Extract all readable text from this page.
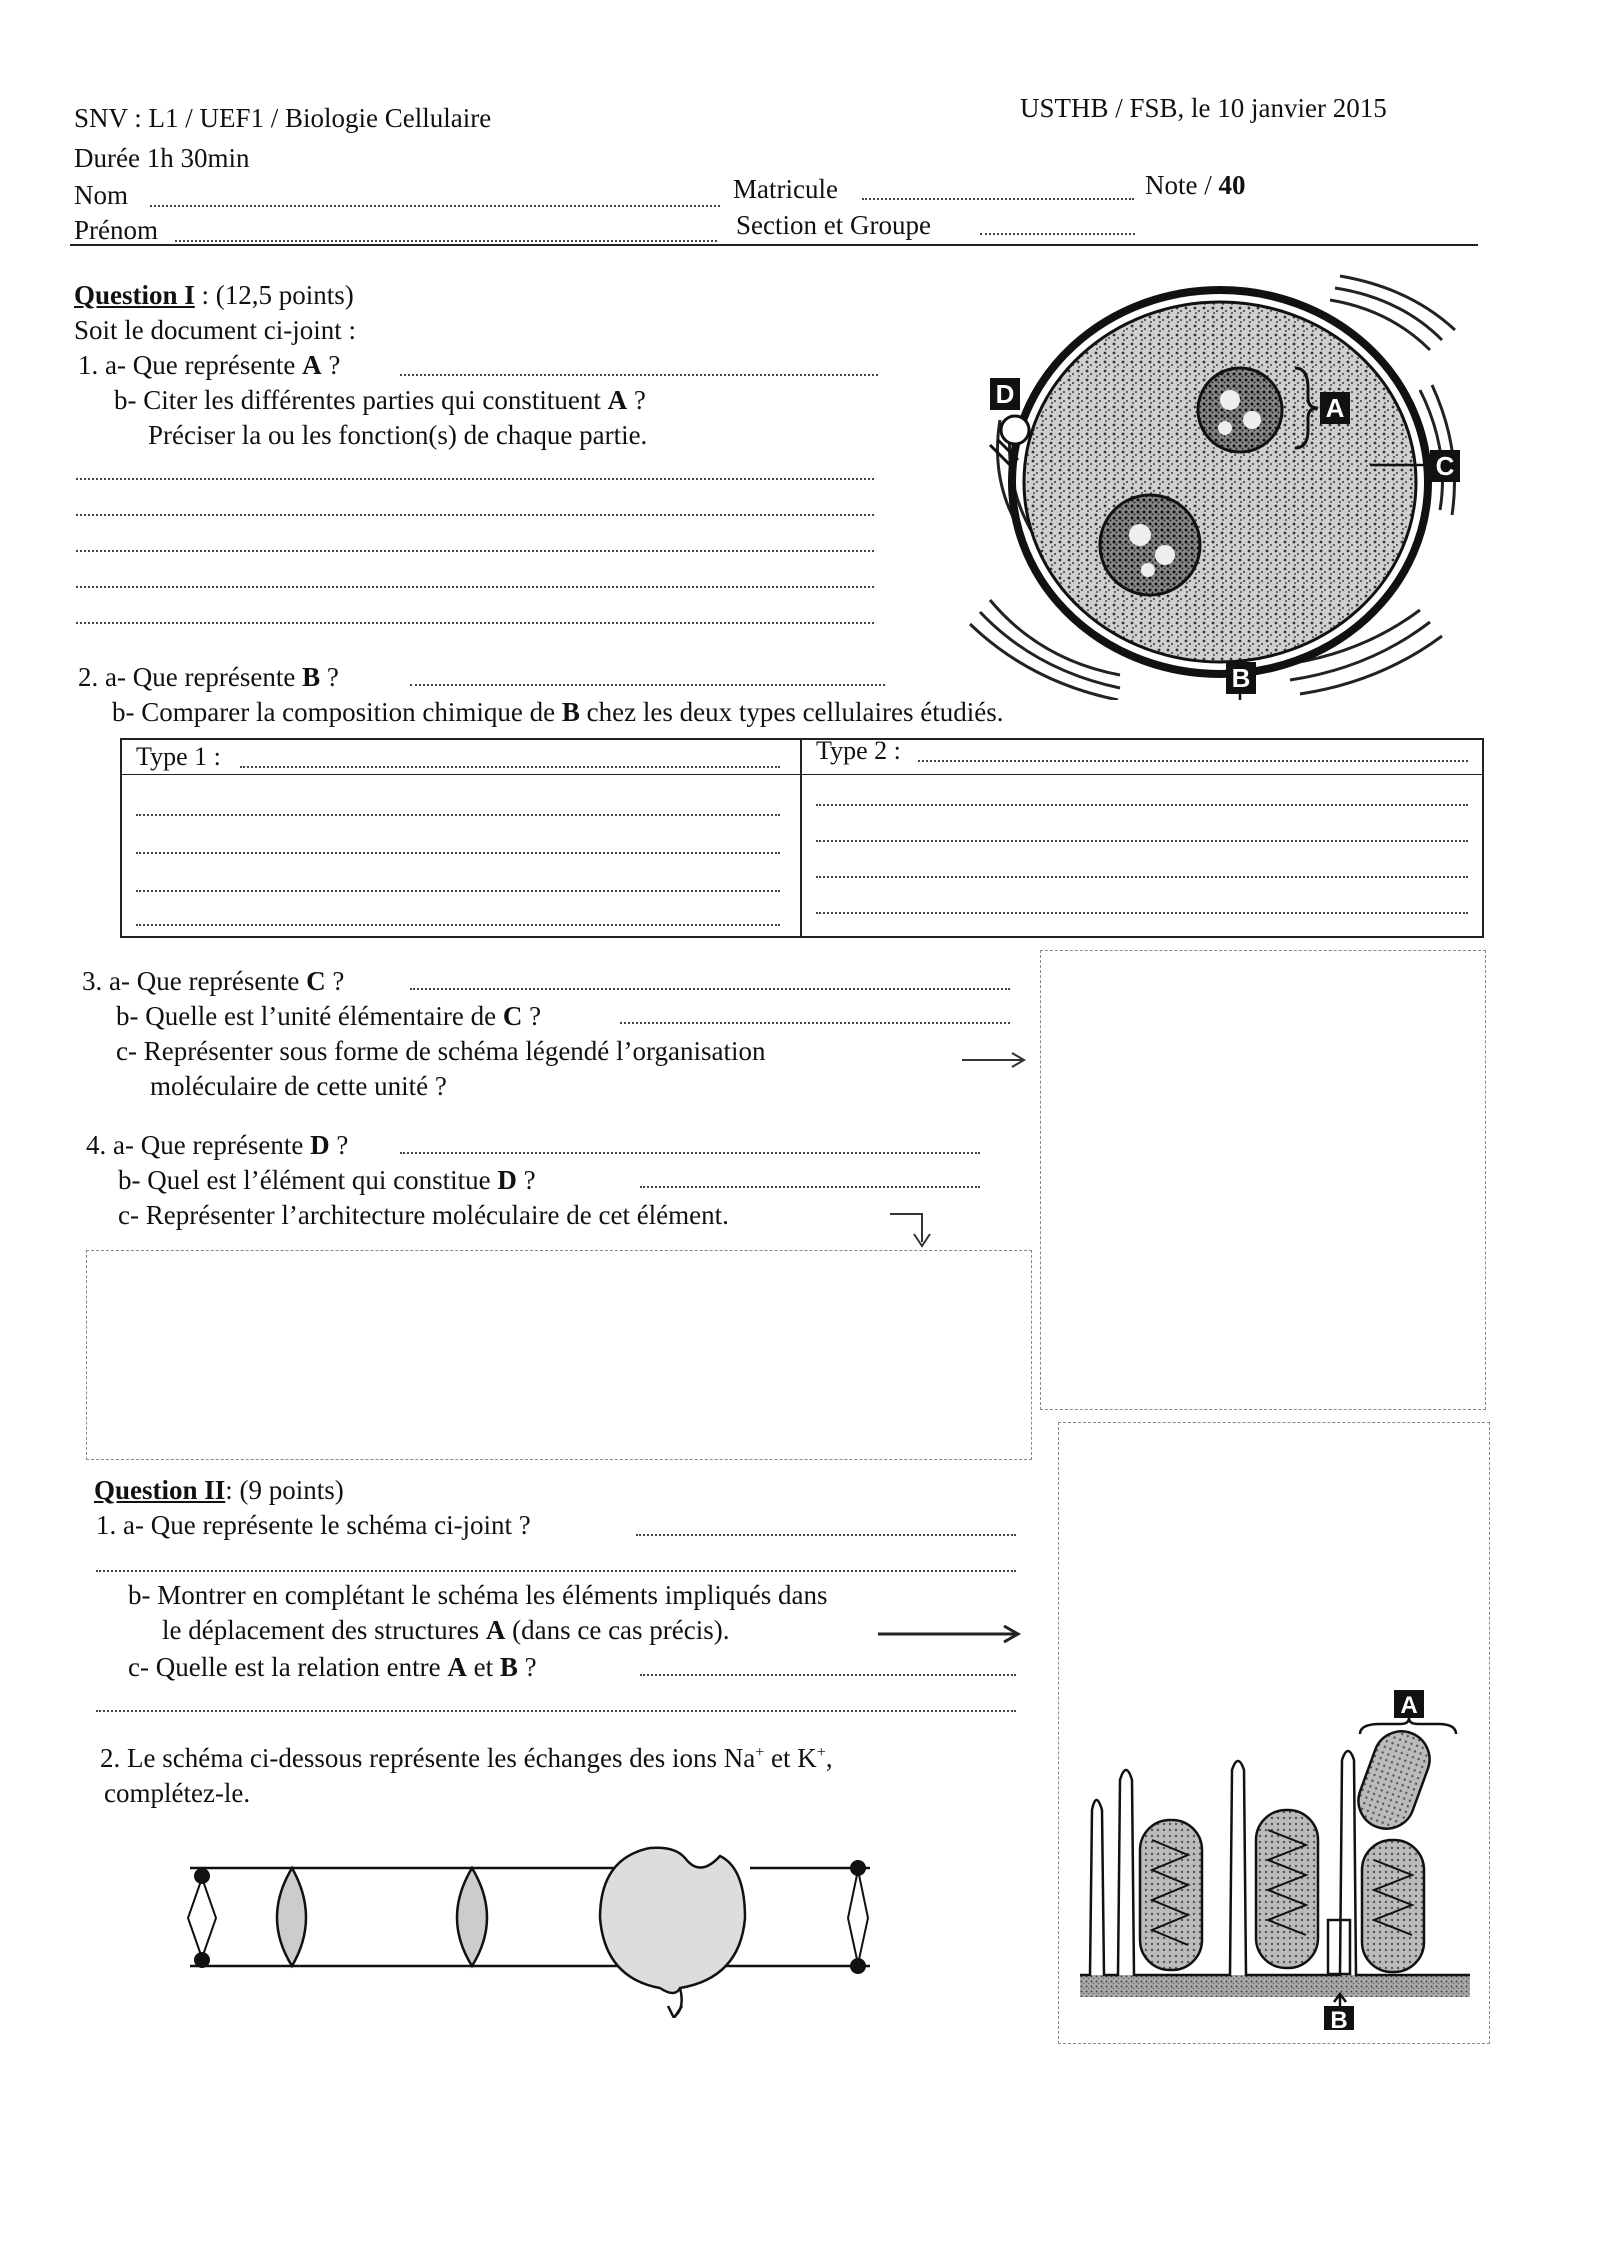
SNV : L1 / UEF1 / Biologie Cellulaire	USTHB / FSB, le 10 janvier 2015
Durée 1h 30min
Nom	Matricule	Note / 40
Prénom	Section et Groupe
Question I : (12,5 points)
Soit le document ci-joint :
1. a- Que représente A ?
b- Citer les différentes parties qui constituent A ?
Préciser la ou les fonction(s) de chaque partie.
D	A
C
B
2. a- Que représente B ?
b- Comparer la composition chimique de B chez les deux types cellulaires étudiés.
Type 1 :	Type 2 :
3. a- Que représente C ?
b- Quelle est l’unité élémentaire de C ?
c- Représenter sous forme de schéma légendé l’organisation
moléculaire de cette unité ?
4. a- Que représente D ?
b- Quel est l’élément qui constitue D ?
c- Représenter l’architecture moléculaire de cet élément.
Question II: (9 points)
1. a- Que représente le schéma ci-joint ?
b- Montrer en complétant le schéma les éléments impliqués dans
le déplacement des structures A (dans ce cas précis).
c- Quelle est la relation entre A et B ?
2. Le schéma ci-dessous représente les échanges des ions Na+ et K+,
complétez-le.
B
A
